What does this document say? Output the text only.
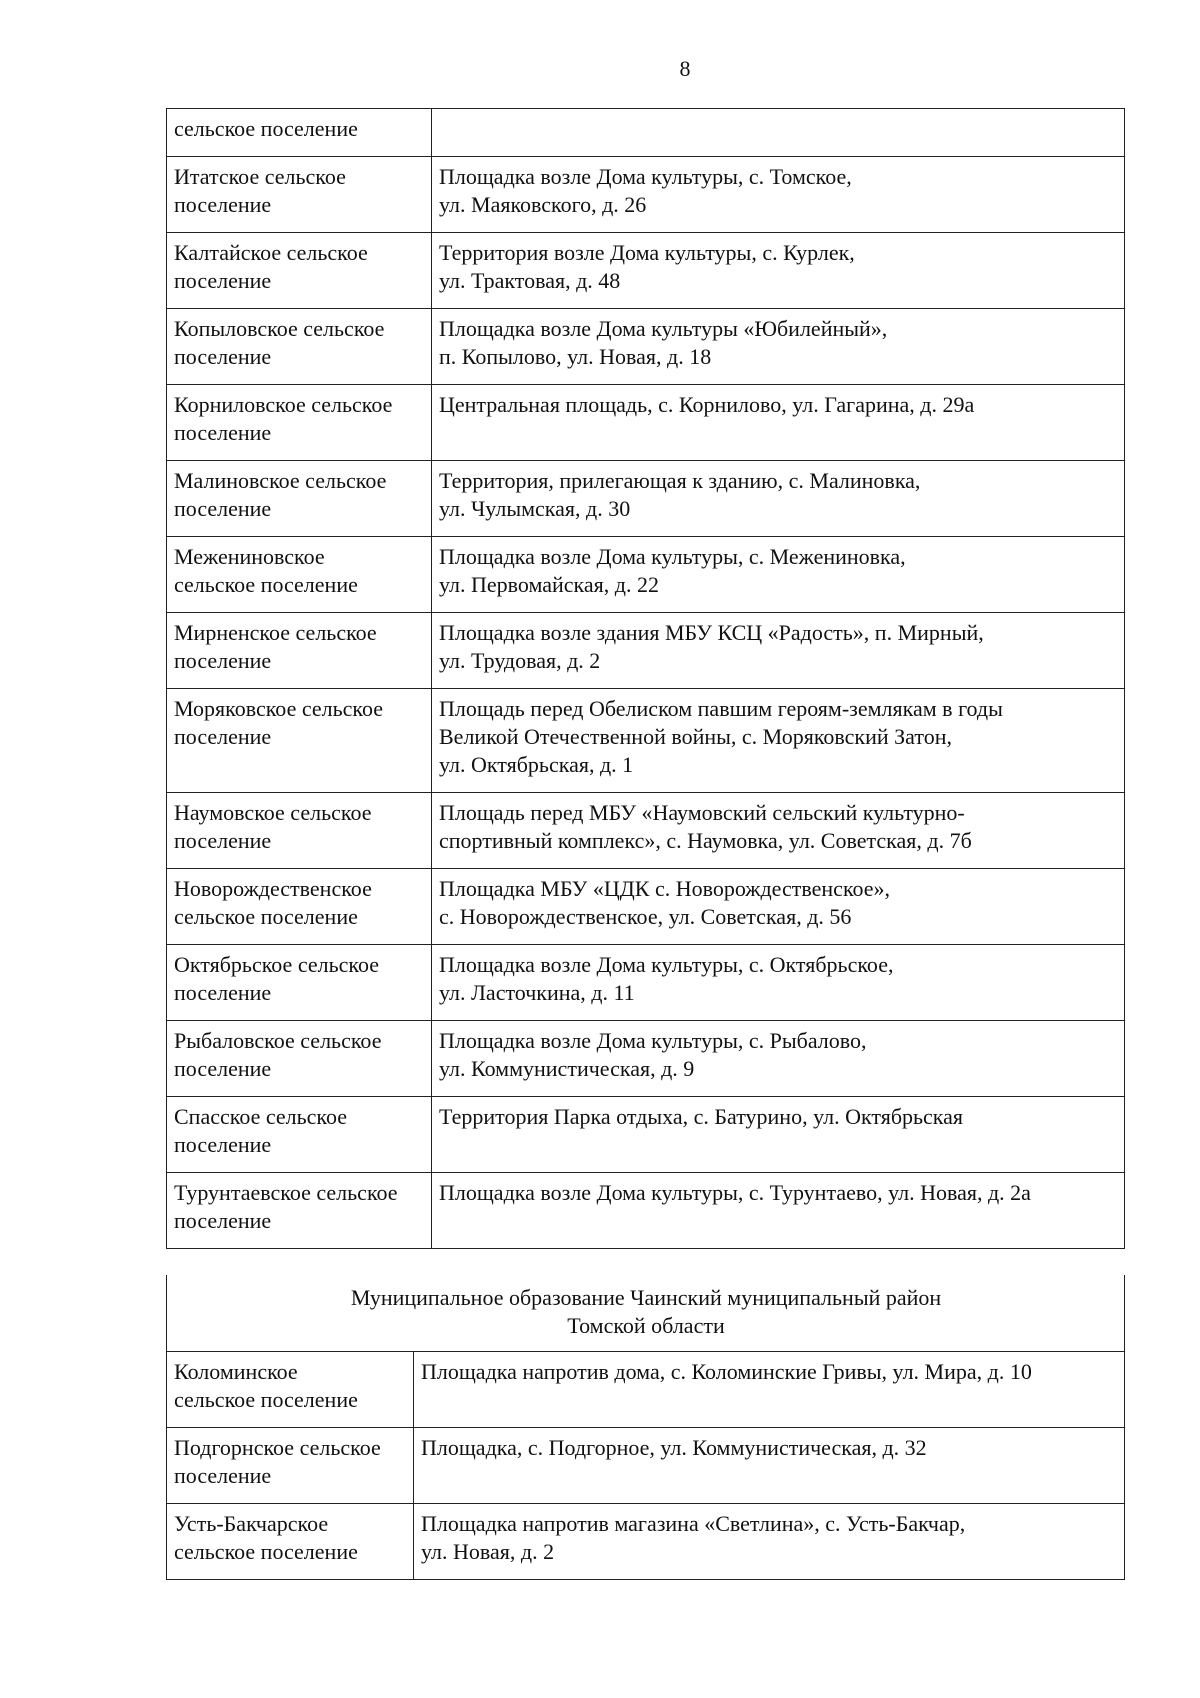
8
сельское поселение	
Итатское сельское
поселение	Площадка возле Дома культуры, с. Томское,
ул. Маяковского, д. 26
Калтайское сельское
поселение	Территория возле Дома культуры, с. Курлек,
ул. Трактовая, д. 48
Копыловское сельское
поселение	Площадка возле Дома культуры «Юбилейный»,
п. Копылово, ул. Новая, д. 18
Корниловское сельское
поселение	Центральная площадь, с. Корнилово, ул. Гагарина, д. 29а
Малиновское сельское
поселение	Территория, прилегающая к зданию, с. Малиновка,
ул. Чулымская, д. 30
Межениновское
сельское поселение	Площадка возле Дома культуры, с. Межениновка,
ул. Первомайская, д. 22
Мирненское сельское
поселение	Площадка возле здания МБУ КСЦ «Радость», п. Мирный,
ул. Трудовая, д. 2
Моряковское сельское
поселение	Площадь перед Обелиском павшим героям-землякам в годы
Великой Отечественной войны, с. Моряковский Затон,
ул. Октябрьская, д. 1
Наумовское сельское
поселение	Площадь перед МБУ «Наумовский сельский культурно-
спортивный комплекс», с. Наумовка, ул. Советская, д. 7б
Новорождественское
сельское поселение	Площадка МБУ «ЦДК с. Новорождественское»,
с. Новорождественское, ул. Советская, д. 56
Октябрьское сельское
поселение	Площадка возле Дома культуры, с. Октябрьское,
ул. Ласточкина, д. 11
Рыбаловское сельское
поселение	Площадка возле Дома культуры, с. Рыбалово,
ул. Коммунистическая, д. 9
Спасское сельское
поселение	Территория Парка отдыха, с. Батурино, ул. Октябрьская
Турунтаевское сельское
поселение	Площадка возле Дома культуры, с. Турунтаево, ул. Новая, д. 2а
Муниципальное образование Чаинский муниципальный район
Томской области	
Коломинское
сельское поселение	Площадка напротив дома, с. Коломинские Гривы, ул. Мира, д. 10
Подгорнское сельское
поселение	Площадка, с. Подгорное, ул. Коммунистическая, д. 32
Усть-Бакчарское
сельское поселение	Площадка напротив магазина «Светлина», с. Усть-Бакчар,
ул. Новая, д. 2
